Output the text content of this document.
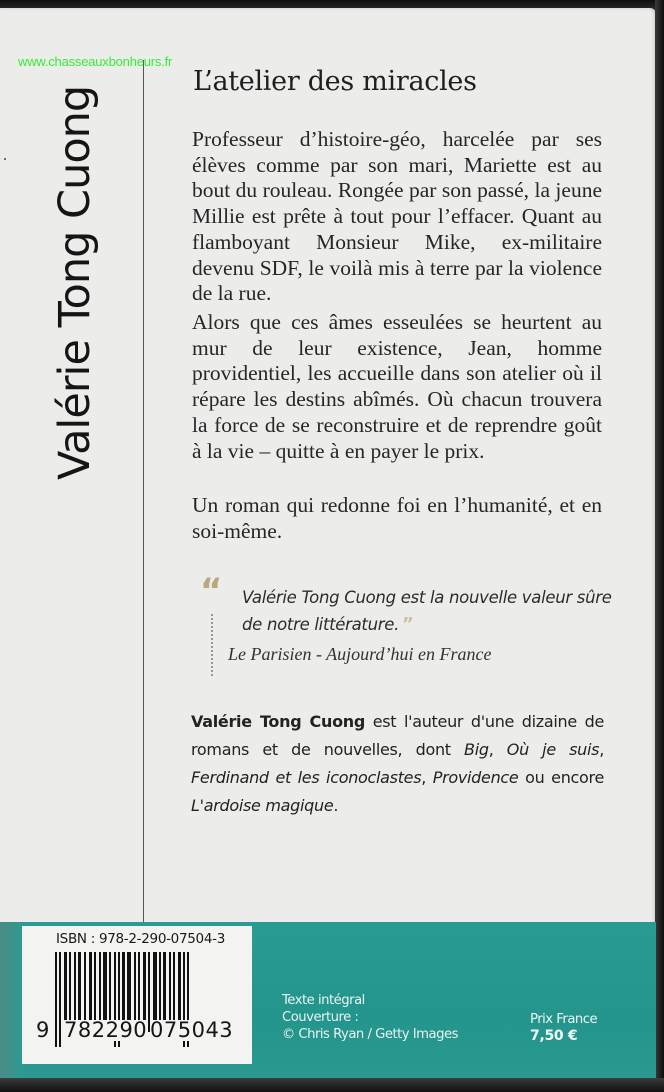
www.chasseauxbonheurs.fr
Valérie Tong Cuong
L’atelier des miracles
Professeur d’histoire-géo, harcelée par ses élèves comme par son mari, Mariette est au bout du rouleau. Rongée par son passé, la jeune Millie est prête à tout pour l’effacer. Quant au flamboyant Monsieur Mike, ex-militaire devenu SDF, le voilà mis à terre par la violence de la rue.
Alors que ces âmes esseulées se heurtent au mur de leur existence, Jean, homme providentiel, les accueille dans son atelier où il répare les destins abîmés. Où chacun trouvera la force de se reconstruire et de reprendre goût à la vie – quitte à en payer le prix.
Un roman qui redonne foi en l’humanité, et en soi-même.
“ Valérie Tong Cuong est la nouvelle valeur sûre de notre littérature. ”
Le Parisien - Aujourd’hui en France
Valérie Tong Cuong est l'auteur d'une dizaine de romans et de nouvelles, dont Big, Où je suis, Ferdinand et les iconoclastes, Providence ou encore L'ardoise magique.
ISBN : 978-2-290-07504-3
9 782290 075043
Texte intégral
Couverture :
© Chris Ryan / Getty Images
Prix France
7,50 €
